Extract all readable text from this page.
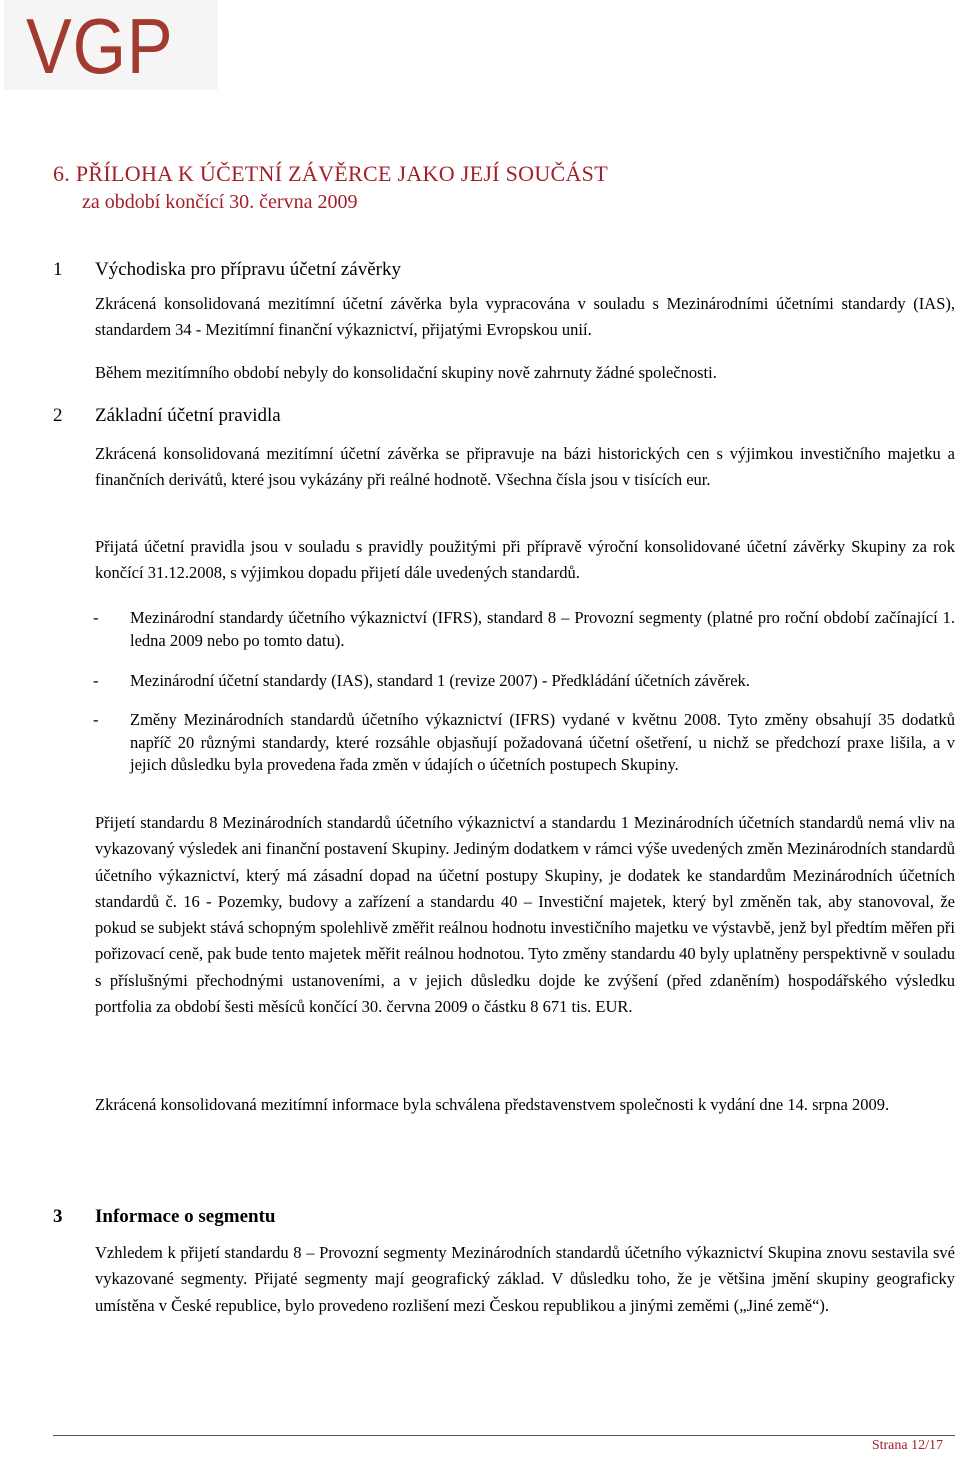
VGP
6. PŘÍLOHA K ÚČETNÍ ZÁVĚRCE JAKO JEJÍ SOUČÁST
za období končící 30. června 2009
1	Východiska pro přípravu účetní závěrky
Zkrácená konsolidovaná mezitímní účetní závěrka byla vypracována v souladu s Mezinárodními účetními standardy (IAS), standardem 34 - Mezitímní finanční výkaznictví, přijatými Evropskou unií.
Během mezitímního období nebyly do konsolidační skupiny nově zahrnuty žádné společnosti.
2	Základní účetní pravidla
Zkrácená konsolidovaná mezitímní účetní závěrka se připravuje na bázi historických cen s výjimkou investičního majetku a finančních derivátů, které jsou vykázány při reálné hodnotě. Všechna čísla jsou v tisících eur.
Přijatá účetní pravidla jsou v souladu s pravidly použitými při přípravě výroční konsolidované účetní závěrky Skupiny za rok končící 31.12.2008, s výjimkou dopadu přijetí dále uvedených standardů.
-	Mezinárodní standardy účetního výkaznictví (IFRS), standard 8 – Provozní segmenty (platné pro roční období začínající 1. ledna 2009 nebo po tomto datu).
-	Mezinárodní účetní standardy (IAS), standard 1 (revize 2007) - Předkládání účetních závěrek.
-	Změny Mezinárodních standardů účetního výkaznictví (IFRS) vydané v květnu 2008. Tyto změny obsahují 35 dodatků napříč 20 různými standardy, které rozsáhle objasňují požadovaná účetní ošetření, u nichž se předchozí praxe lišila, a v jejich důsledku byla provedena řada změn v údajích o účetních postupech Skupiny.
Přijetí standardu 8 Mezinárodních standardů účetního výkaznictví a standardu 1 Mezinárodních účetních standardů nemá vliv na vykazovaný výsledek ani finanční postavení Skupiny. Jediným dodatkem v rámci výše uvedených změn Mezinárodních standardů účetního výkaznictví, který má zásadní dopad na účetní postupy Skupiny, je dodatek ke standardům Mezinárodních účetních standardů č. 16 - Pozemky, budovy a zařízení a standardu 40 – Investiční majetek, který byl změněn tak, aby stanovoval, že pokud se subjekt stává schopným spolehlivě změřit reálnou hodnotu investičního majetku ve výstavbě, jenž byl předtím měřen při pořizovací ceně, pak bude tento majetek měřit reálnou hodnotou. Tyto změny standardu 40 byly uplatněny perspektivně v souladu s příslušnými přechodnými ustanoveními, a v jejich důsledku dojde ke zvýšení (před zdaněním) hospodářského výsledku portfolia za období šesti měsíců končící 30. června 2009 o částku 8 671 tis. EUR.
Zkrácená konsolidovaná mezitímní informace byla schválena představenstvem společnosti k vydání dne 14. srpna 2009.
3	Informace o segmentu
Vzhledem k přijetí standardu 8 – Provozní segmenty Mezinárodních standardů účetního výkaznictví Skupina znovu sestavila své vykazované segmenty. Přijaté segmenty mají geografický základ. V důsledku toho, že je většina jmění skupiny geograficky umístěna v České republice, bylo provedeno rozlišení mezi Českou republikou a jinými zeměmi („Jiné země“).
Strana 12/17
